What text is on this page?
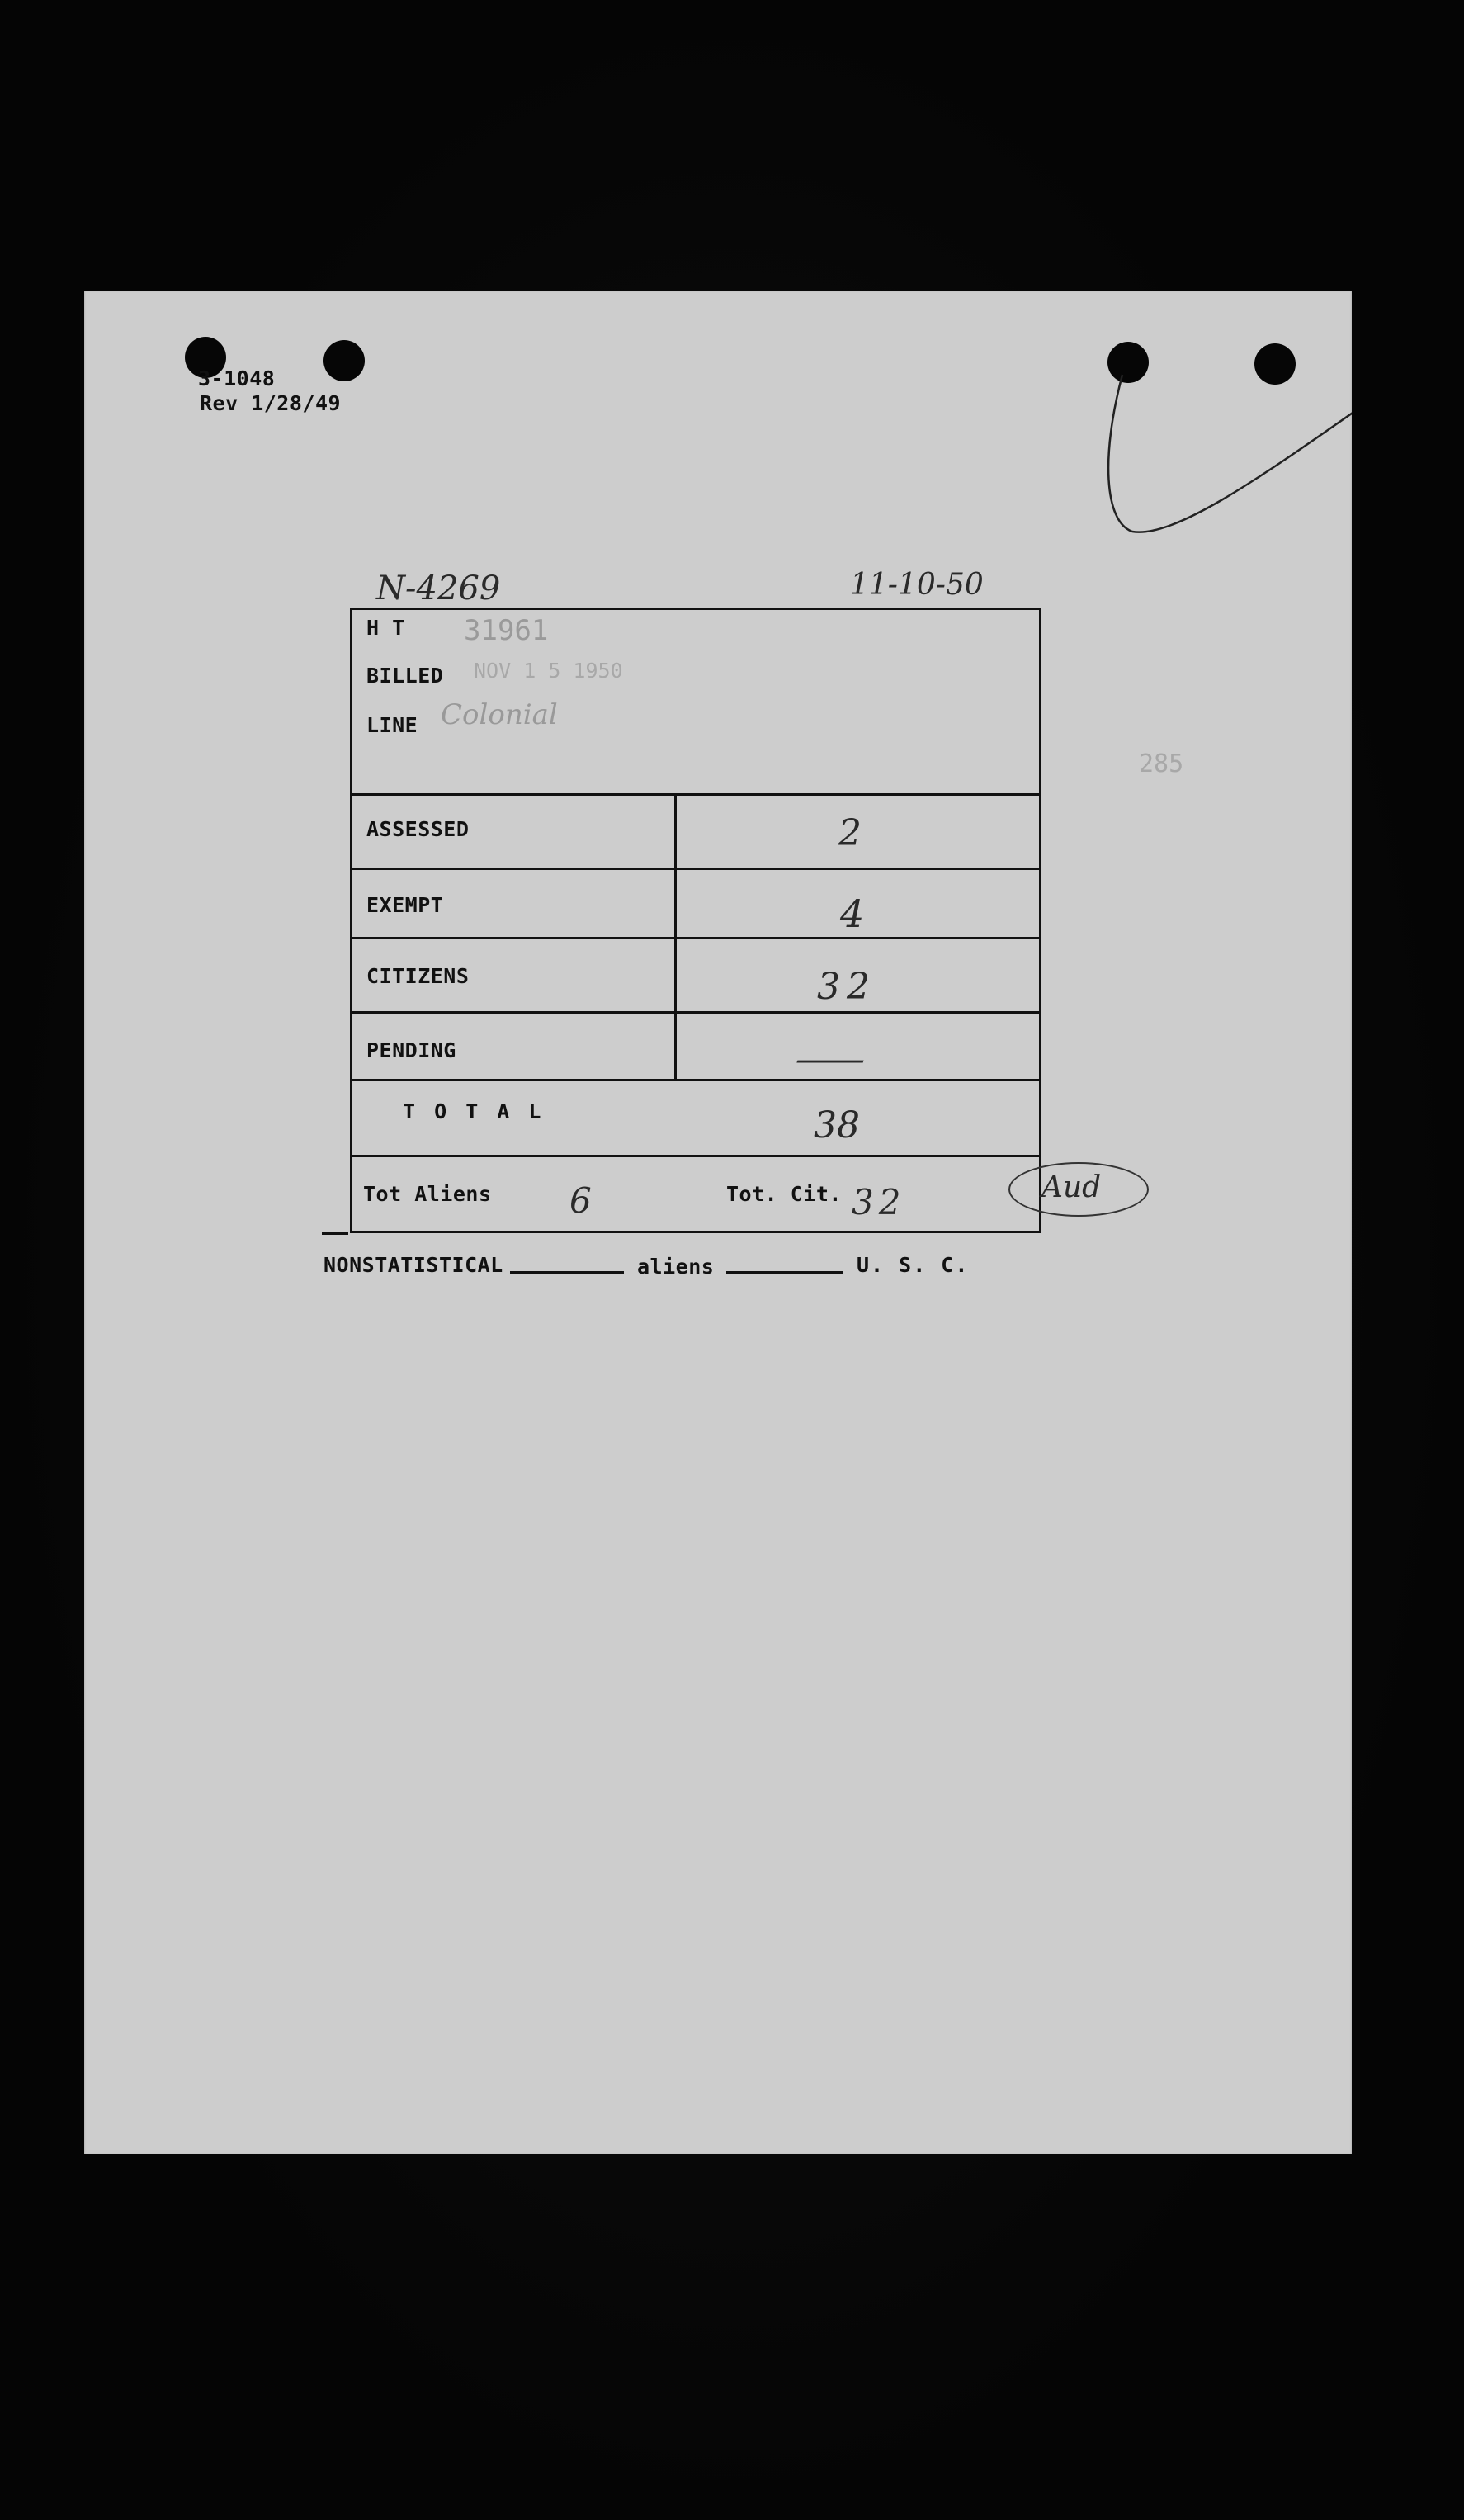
3-1048
Rev 1/28/49
N-4269	11-10-50
285
H T 31961
BILLED NOV 1 5 1950
LINE Colonial
ASSESSED	2
EXEMPT	4
CITIZENS	32
PENDING	—
T O T A L	38
Tot Aliens 6	Tot. Cit. 32	Aud
NONSTATISTICAL	aliens	U. S. C.
